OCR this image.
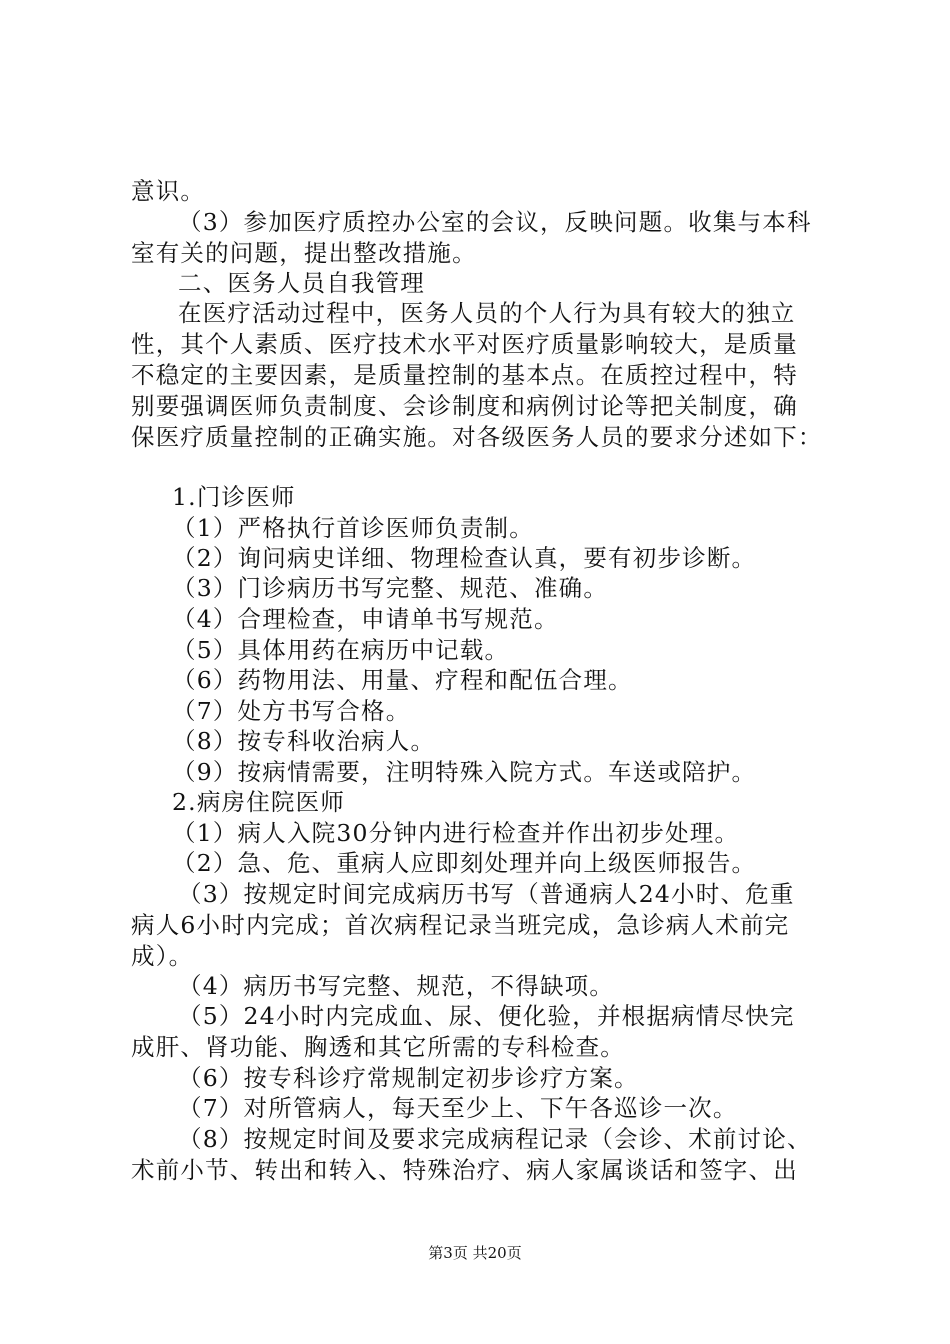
意识。
（3）参加医疗质控办公室的会议，反映问题。收集与本科
室有关的问题，提出整改措施。
二、医务人员自我管理
在医疗活动过程中，医务人员的个人行为具有较大的独立
性，其个人素质、医疗技术水平对医疗质量影响较大，是质量
不稳定的主要因素，是质量控制的基本点。在质控过程中，特
别要强调医师负责制度、会诊制度和病例讨论等把关制度，确
保医疗质量控制的正确实施。对各级医务人员的要求分述如下：
1.门诊医师
（1）严格执行首诊医师负责制。
（2）询问病史详细、物理检查认真，要有初步诊断。
（3）门诊病历书写完整、规范、准确。
（4）合理检查，申请单书写规范。
（5）具体用药在病历中记载。
（6）药物用法、用量、疗程和配伍合理。
（7）处方书写合格。
（8）按专科收治病人。
（9）按病情需要，注明特殊入院方式。车送或陪护。
2.病房住院医师
（1）病人入院30分钟内进行检查并作出初步处理。
（2）急、危、重病人应即刻处理并向上级医师报告。
（3）按规定时间完成病历书写（普通病人24小时、危重
病人6小时内完成；首次病程记录当班完成，急诊病人术前完
成）。
（4）病历书写完整、规范，不得缺项。
（5）24小时内完成血、尿、便化验，并根据病情尽快完
成肝、肾功能、胸透和其它所需的专科检查。
（6）按专科诊疗常规制定初步诊疗方案。
（7）对所管病人，每天至少上、下午各巡诊一次。
（8）按规定时间及要求完成病程记录（会诊、术前讨论、
术前小节、转出和转入、特殊治疗、病人家属谈话和签字、出
第3页 共20页
